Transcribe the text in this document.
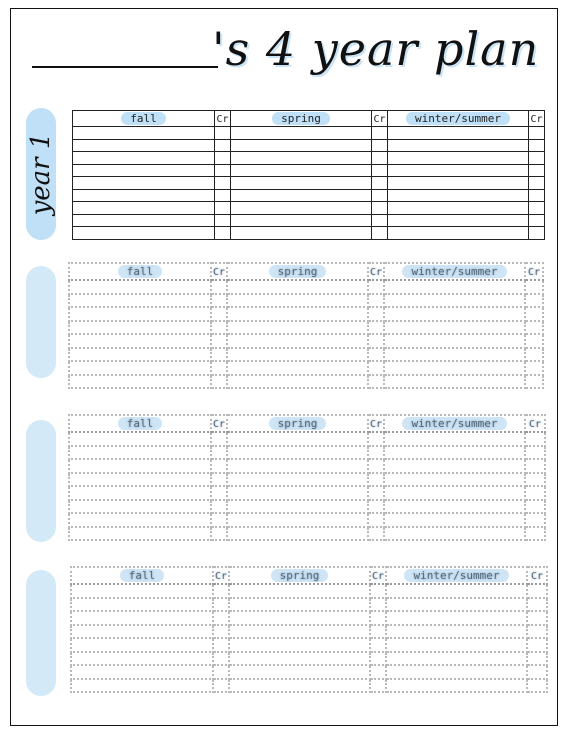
's 4 year plan
year 1
fall	Cr	spring	Cr	winter/summer	Cr

fall	Cr	spring	Cr	winter/summer	Cr

fall	Cr	spring	Cr	winter/summer	Cr

fall	Cr	spring	Cr	winter/summer	Cr
